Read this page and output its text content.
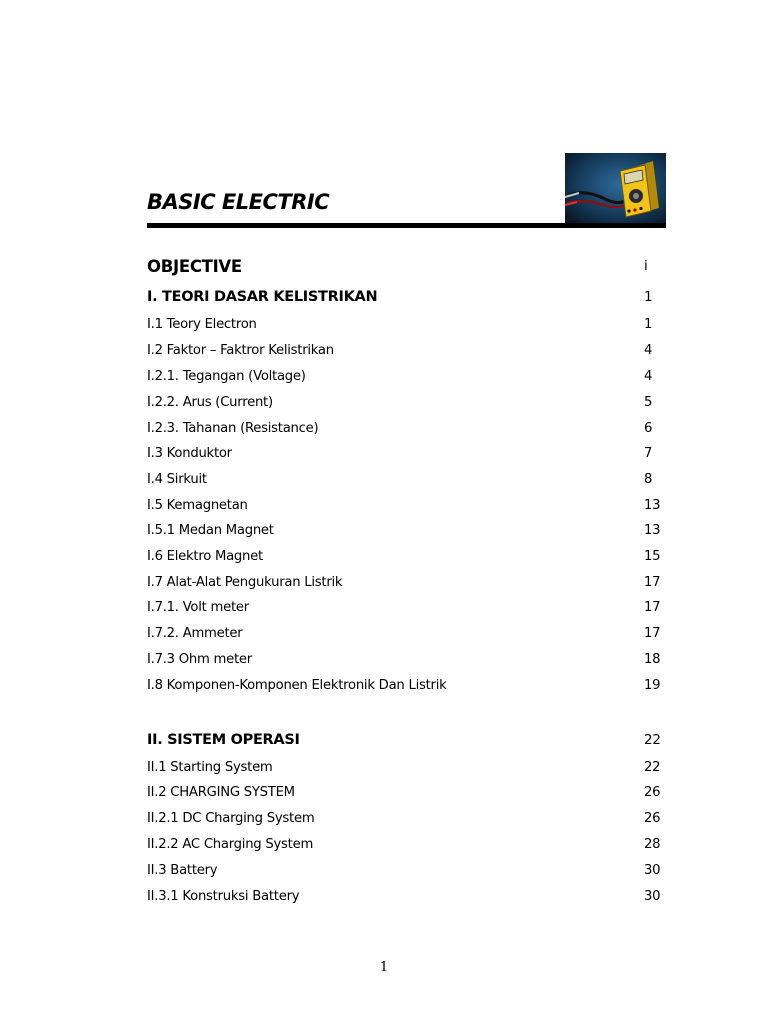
BASIC ELECTRIC
OBJECTIVE	i
I. TEORI DASAR KELISTRIKAN	1
I.1 Teory Electron	1
I.2 Faktor – Faktror Kelistrikan	4
I.2.1. Tegangan (Voltage)	4
I.2.2. Arus (Current)	5
I.2.3. Tahanan (Resistance)	6
I.3 Konduktor	7
I.4 Sirkuit	8
I.5 Kemagnetan	13
I.5.1 Medan Magnet	13
I.6 Elektro Magnet	15
I.7 Alat-Alat Pengukuran Listrik	17
I.7.1. Volt meter	17
I.7.2. Ammeter	17
I.7.3 Ohm meter	18
I.8 Komponen-Komponen Elektronik Dan Listrik	19
II. SISTEM OPERASI	22
II.1 Starting System	22
II.2 CHARGING SYSTEM	26
II.2.1 DC Charging System	26
II.2.2 AC Charging System	28
II.3 Battery	30
II.3.1 Konstruksi Battery	30
1
